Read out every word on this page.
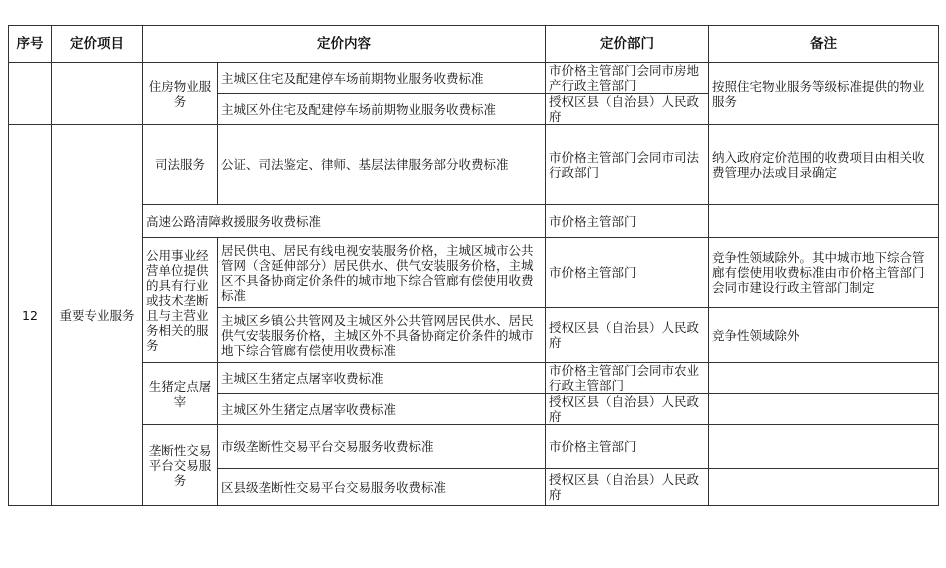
序号	定价项目	定价内容		定价部门	备注
		住房物业服务	主城区住宅及配建停车场前期物业服务收费标准	市价格主管部门会同市房地产行政主管部门	按照住宅物业服务等级标准提供的物业服务
			主城区外住宅及配建停车场前期物业服务收费标准	授权区县（自治县）人民政府	
12	重要专业服务	司法服务	公证、司法鉴定、律师、基层法律服务部分收费标准	市价格主管部门会同市司法行政部门	纳入政府定价范围的收费项目由相关收费管理办法或目录确定
		高速公路清障救援服务收费标准		市价格主管部门	
		公用事业经营单位提供的具有行业或技术垄断且与主营业务相关的服务	居民供电、居民有线电视安装服务价格，主城区城市公共管网（含延伸部分）居民供水、供气安装服务价格，主城区不具备协商定价条件的城市地下综合管廊有偿使用收费标准	市价格主管部门	竞争性领域除外。其中城市地下综合管廊有偿使用收费标准由市价格主管部门会同市建设行政主管部门制定
			主城区乡镇公共管网及主城区外公共管网居民供水、居民供气安装服务价格，主城区外不具备协商定价条件的城市地下综合管廊有偿使用收费标准	授权区县（自治县）人民政府	竞争性领域除外
		生猪定点屠宰	主城区生猪定点屠宰收费标准	市价格主管部门会同市农业行政主管部门	
			主城区外生猪定点屠宰收费标准	授权区县（自治县）人民政府	
		垄断性交易平台交易服务	市级垄断性交易平台交易服务收费标准	市价格主管部门	
			区县级垄断性交易平台交易服务收费标准	授权区县（自治县）人民政府	
